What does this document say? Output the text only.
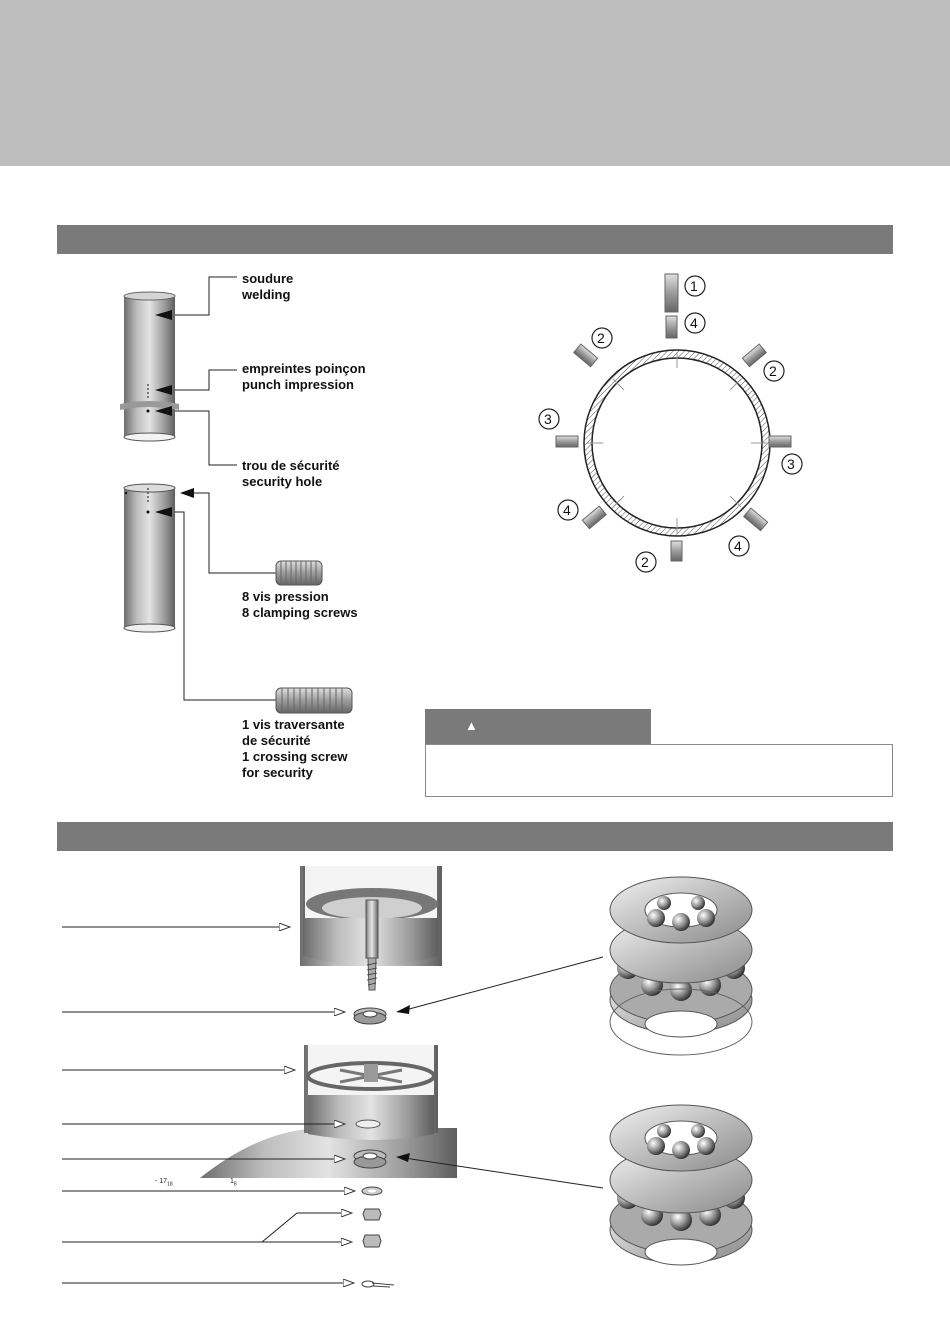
soudure
welding
empreintes poinçon
punch impression
trou de sécurité
security hole
8 vis pression
8 clamping screws
1 vis traversante
de sécurité
1 crossing screw
for security
1
4
2
2
3
3
4
4
2
▲
- $17_{18}$	$1_8$
